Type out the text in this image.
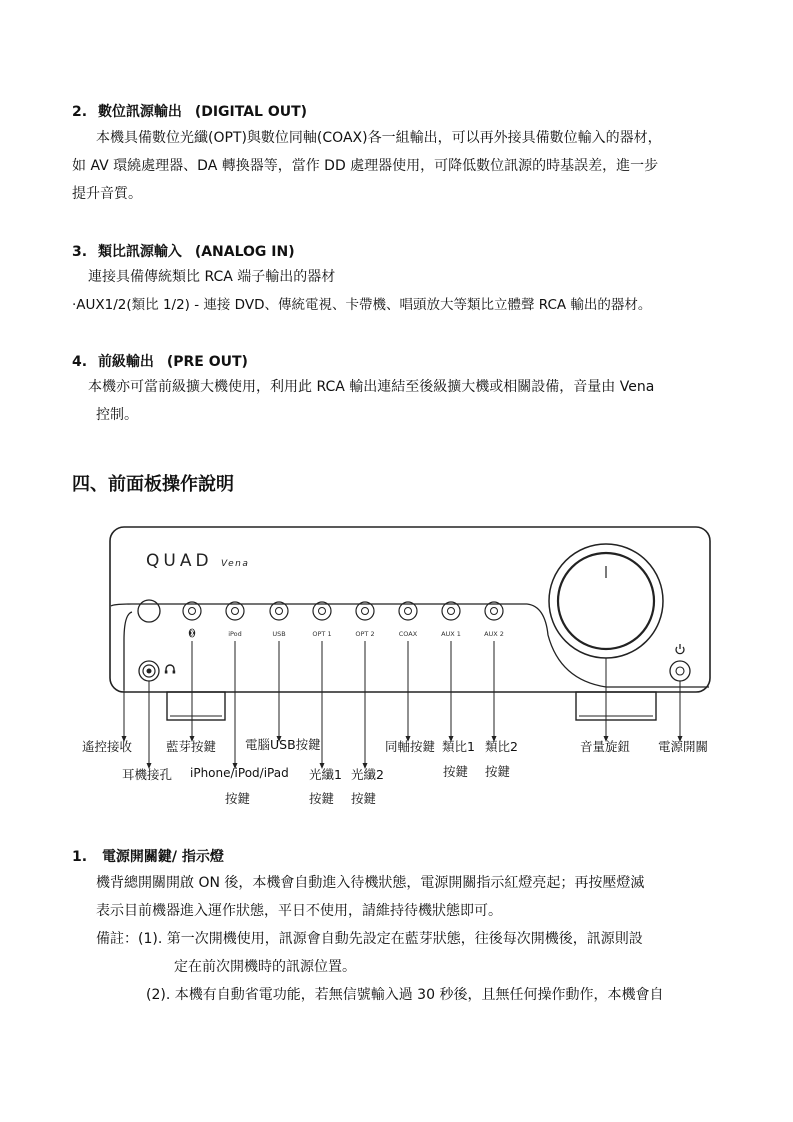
2. 數位訊源輸出 (DIGITAL OUT)
本機具備數位光纖(OPT)與數位同軸(COAX)各一組輸出，可以再外接具備數位輸入的器材，
如 AV 環繞處理器、DA 轉換器等，當作 DD 處理器使用，可降低數位訊源的時基誤差，進一步
提升音質。
3. 類比訊源輸入 (ANALOG IN)
連接具備傳統類比 RCA 端子輸出的器材
‧AUX1/2(類比 1/2) - 連接 DVD、傳統電視、卡帶機、唱頭放大等類比立體聲 RCA 輸出的器材。
4. 前級輸出 (PRE OUT)
本機亦可當前級擴大機使用，利用此 RCA 輸出連結至後級擴大機或相關設備，音量由 Vena
控制。
四、前面板操作說明
iPod	USB	OPT 1	OPT 2	COAX	AUX 1	AUX 2
QUAD Vena
遙控接收	藍芽按鍵 電腦USB按鍵	同軸按鍵 類比1
按鍵
類比2
按鍵
音量旋鈕 電源開關
耳機接孔 iPhone/iPod/iPad
按鍵
光纖1
按鍵
光纖2
按鍵
1. 電源開關鍵/ 指示燈
機背總開關開啟 ON 後，本機會自動進入待機狀態，電源開關指示紅燈亮起；再按壓燈滅
表示目前機器進入運作狀態，平日不使用，請維持待機狀態即可。
備註：(1). 第一次開機使用，訊源會自動先設定在藍芽狀態，往後每次開機後，訊源則設
定在前次開機時的訊源位置。
(2). 本機有自動省電功能，若無信號輸入過 30 秒後，且無任何操作動作，本機會自
